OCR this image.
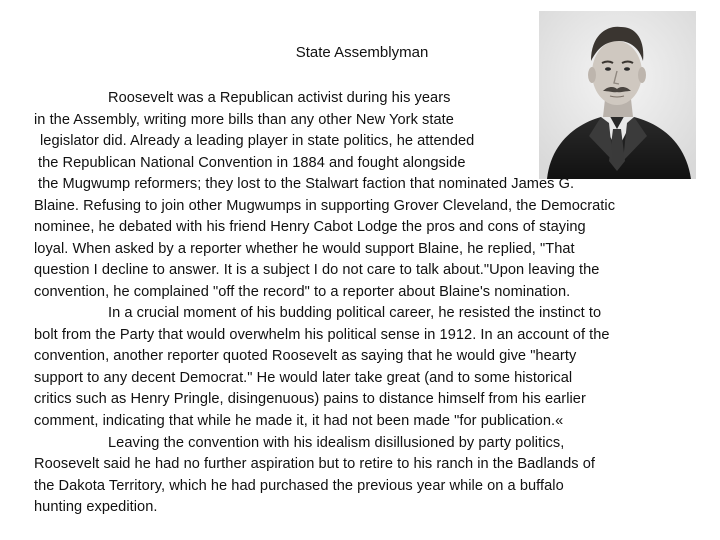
State Assemblyman
Roosevelt was a Republican activist during his years
in the Assembly, writing more bills than any other New York state
legislator did. Already a leading player in state politics, he attended
the Republican National Convention in 1884 and fought alongside
the Mugwump reformers; they lost to the Stalwart faction that nominated James G.
Blaine. Refusing to join other Mugwumps in supporting Grover Cleveland, the Democratic
nominee, he debated with his friend Henry Cabot Lodge the pros and cons of staying
loyal. When asked by a reporter whether he would support Blaine, he replied, "That
question I decline to answer. It is a subject I do not care to talk about."Upon leaving the
convention, he complained "off the record" to a reporter about Blaine's nomination.
In a crucial moment of his budding political career, he resisted the instinct to
bolt from the Party that would overwhelm his political sense in 1912. In an account of the
convention, another reporter quoted Roosevelt as saying that he would give "hearty
support to any decent Democrat." He would later take great (and to some historical
critics such as Henry Pringle, disingenuous) pains to distance himself from his earlier
comment, indicating that while he made it, it had not been made "for publication.«
Leaving the convention with his idealism disillusioned by party politics,
Roosevelt said he had no further aspiration but to retire to his ranch in the Badlands of
the Dakota Territory, which he had purchased the previous year while on a buffalo
hunting expedition.
